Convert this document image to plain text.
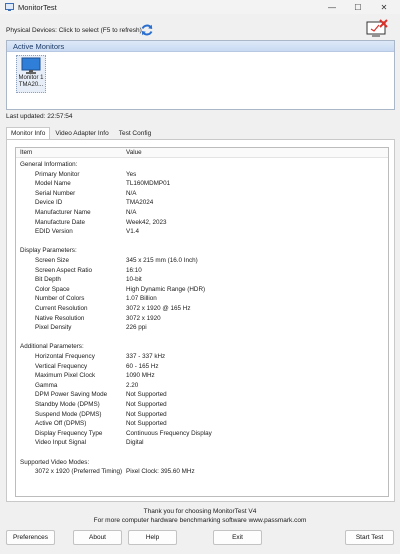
MonitorTest	—	☐	✕
Physical Devices: Click to select (F5 to refresh)
Active Monitors
Monitor 1
TMA20...
Last updated: 22:57:54
Monitor Info	Video Adapter Info	Test Config
Item	Value
General Information:
Primary Monitor	Yes
Model Name	TL160MDMP01
Serial Number	N/A
Device ID	TMA2024
Manufacturer Name	N/A
Manufacture Date	Week42, 2023
EDID Version	V1.4
Display Parameters:
Screen Size	345 x 215 mm (16.0 Inch)
Screen Aspect Ratio	16:10
Bit Depth	10-bit
Color Space	High Dynamic Range (HDR)
Number of Colors	1.07 Billion
Current Resolution	3072 x 1920 @ 165 Hz
Native Resolution	3072 x 1920
Pixel Density	226 ppi
Additional Parameters:
Horizontal Frequency	337 - 337 kHz
Vertical Frequency	60 - 165 Hz
Maximum Pixel Clock	1090 MHz
Gamma	2.20
DPM Power Saving Mode	Not Supported
Standby Mode (DPMS)	Not Supported
Suspend Mode (DPMS)	Not Supported
Active Off (DPMS)	Not Supported
Display Frequency Type	Continuous Frequency Display
Video Input Signal	Digital
Supported Video Modes:
3072 x 1920 (Preferred Timing) Pixel Clock: 395.60 MHz
Thank you for choosing MonitorTest V4
For more computer hardware benchmarking software www.passmark.com
Preferences	About	Help	Exit	Start Test
